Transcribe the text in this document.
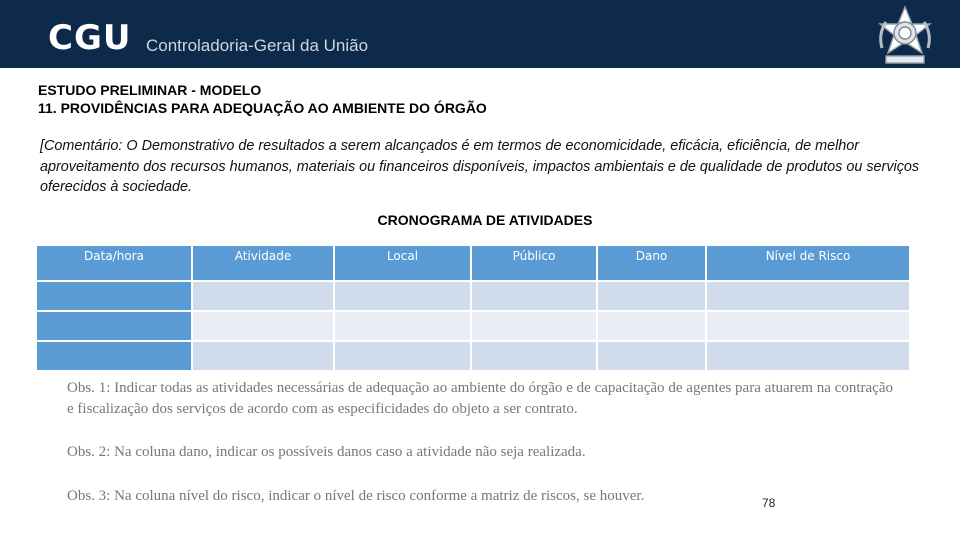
CGU Controladoria-Geral da União
ESTUDO PRELIMINAR - MODELO
11. PROVIDÊNCIAS PARA ADEQUAÇÃO AO AMBIENTE DO ÓRGÃO
[Comentário: O Demonstrativo de resultados a serem alcançados é em termos de economicidade, eficácia, eficiência, de melhor aproveitamento dos recursos humanos, materiais ou financeiros disponíveis, impactos ambientais e de qualidade de produtos ou serviços oferecidos à sociedade.
CRONOGRAMA DE ATIVIDADES
Data/hora	Atividade	Local	Público	Dano	Nível de Risco

Obs. 1: Indicar todas as atividades necessárias de adequação ao ambiente do órgão e de capacitação de agentes para atuarem na contração e fiscalização dos serviços de acordo com as especificidades do objeto a ser contrato.
Obs. 2: Na coluna dano, indicar os possíveis danos caso a atividade não seja realizada.
Obs. 3: Na coluna nível do risco, indicar o nível de risco conforme a matriz de riscos, se houver.	78
